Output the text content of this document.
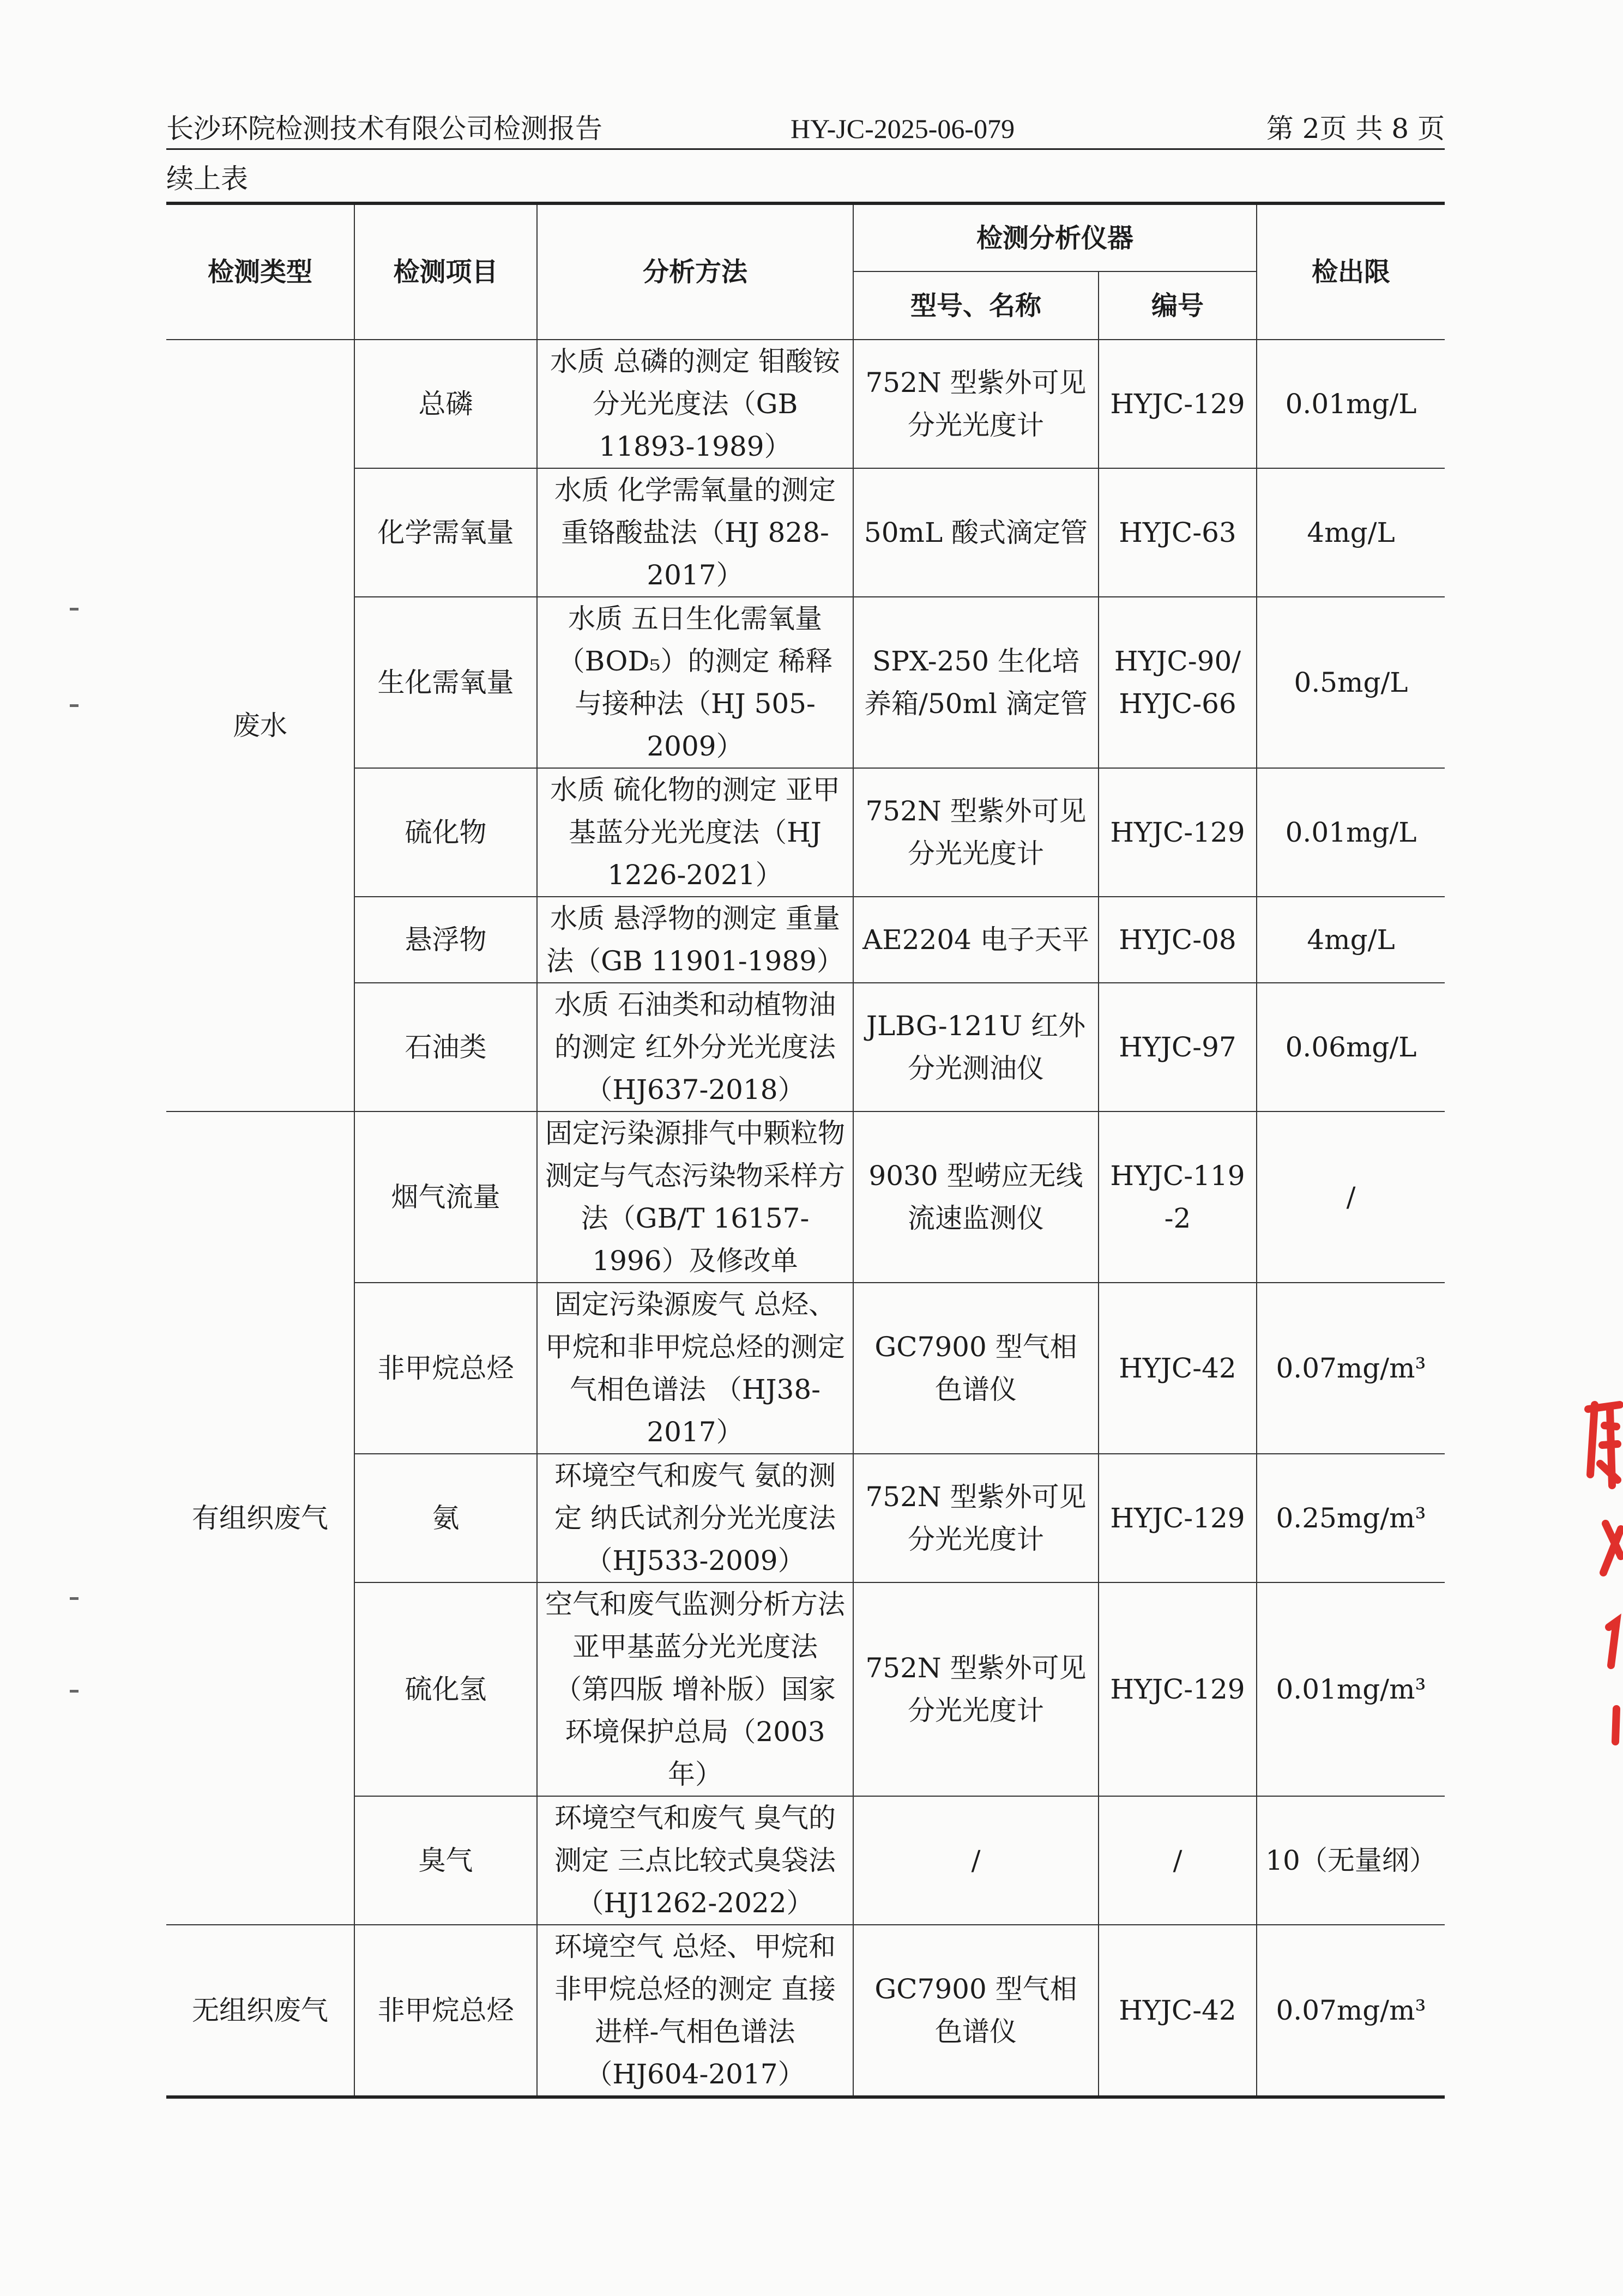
长沙环院检测技术有限公司检测报告	HY-JC-2025-06-079	第 2页 共 8 页
续上表
检测类型	检测项目	分析方法	检测分析仪器		检出限
			型号、名称	编号	
废水	总磷	水质 总磷的测定 钼酸铵分光光度法（GB 11893-1989）	752N 型紫外可见分光光度计	HYJC-129	0.01mg/L
	化学需氧量	水质 化学需氧量的测定 重铬酸盐法（HJ 828-2017）	50mL 酸式滴定管	HYJC-63	4mg/L
	生化需氧量	水质 五日生化需氧量（BOD₅）的测定 稀释与接种法（HJ 505-2009）	SPX-250 生化培养箱/50ml 滴定管	HYJC-90/ HYJC-66	0.5mg/L
	硫化物	水质 硫化物的测定 亚甲基蓝分光光度法（HJ 1226-2021）	752N 型紫外可见分光光度计	HYJC-129	0.01mg/L
	悬浮物	水质 悬浮物的测定 重量法（GB 11901-1989）	AE2204 电子天平	HYJC-08	4mg/L
	石油类	水质 石油类和动植物油的测定 红外分光光度法 （HJ637-2018）	JLBG-121U 红外分光测油仪	HYJC-97	0.06mg/L
有组织废气	烟气流量	固定污染源排气中颗粒物测定与气态污染物采样方法（GB/T 16157-1996）及修改单	9030 型崂应无线流速监测仪	HYJC-119 -2	/
	非甲烷总烃	固定污染源废气 总烃、甲烷和非甲烷总烃的测定 气相色谱法 （HJ38-2017）	GC7900 型气相色谱仪	HYJC-42	0.07mg/m³
	氨	环境空气和废气 氨的测定 纳氏试剂分光光度法（HJ533-2009）	752N 型紫外可见分光光度计	HYJC-129	0.25mg/m³
	硫化氢	空气和废气监测分析方法 亚甲基蓝分光光度法 （第四版 增补版）国家环境保护总局（2003 年）	752N 型紫外可见分光光度计	HYJC-129	0.01mg/m³
	臭气	环境空气和废气 臭气的测定 三点比较式臭袋法（HJ1262-2022）	/	/	10（无量纲）
无组织废气	非甲烷总烃	环境空气 总烃、甲烷和非甲烷总烃的测定 直接进样-气相色谱法 （HJ604-2017）	GC7900 型气相色谱仪	HYJC-42	0.07mg/m³
